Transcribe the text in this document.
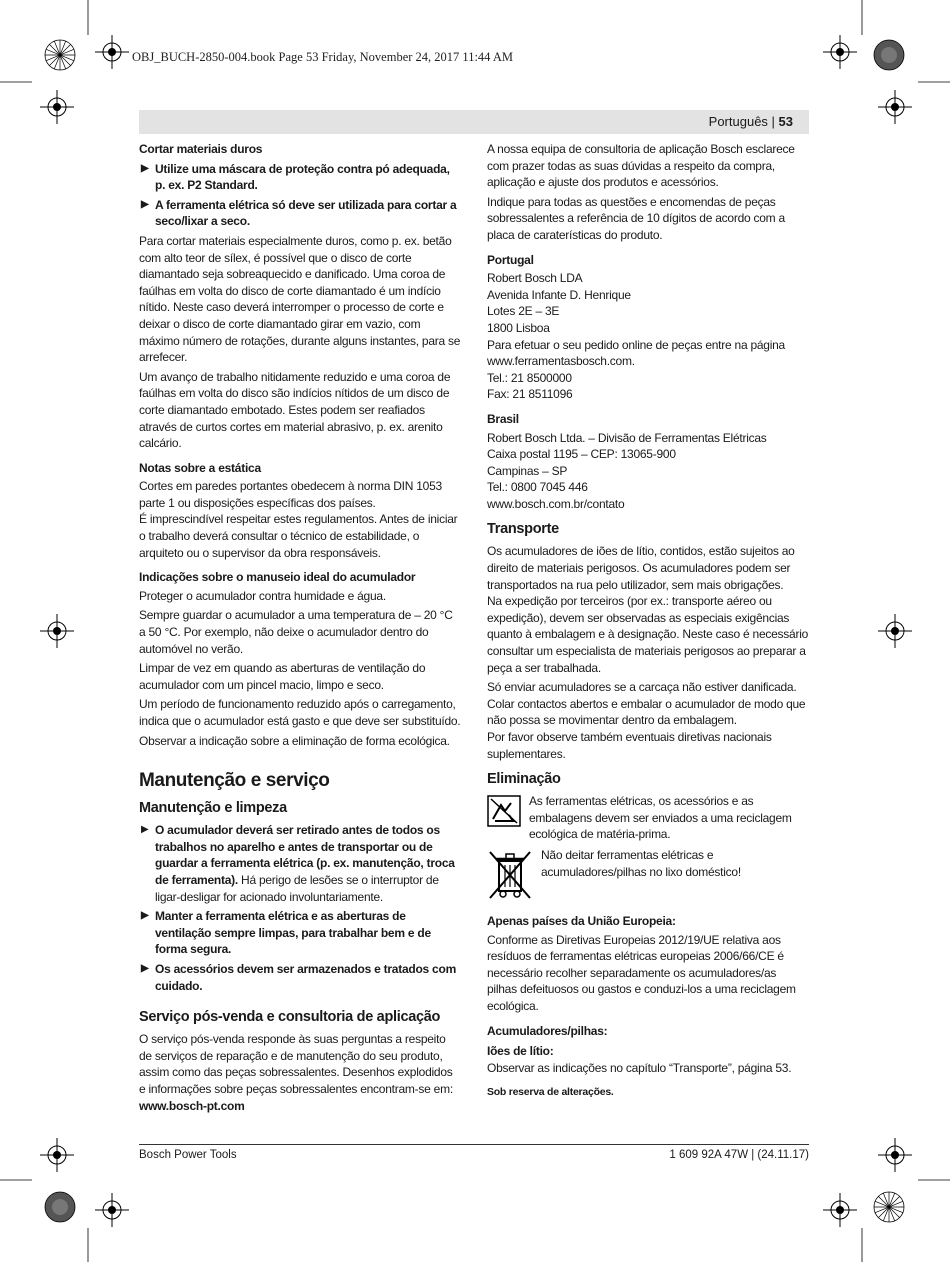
OBJ_BUCH-2850-004.book Page 53 Friday, November 24, 2017 11:44 AM
Português | 53
Cortar materiais duros
▶ Utilize uma máscara de proteção contra pó adequada, p. ex. P2 Standard.
▶ A ferramenta elétrica só deve ser utilizada para cortar a seco/lixar a seco.
Para cortar materiais especialmente duros, como p. ex. betão com alto teor de sílex, é possível que o disco de corte diamantado seja sobreaquecido e danificado. Uma coroa de faúlhas em volta do disco de corte diamantado é um indício nítido. Neste caso deverá interromper o processo de corte e deixar o disco de corte diamantado girar em vazio, com máximo número de rotações, durante alguns instantes, para se arrefecer.
Um avanço de trabalho nitidamente reduzido e uma coroa de faúlhas em volta do disco são indícios nítidos de um disco de corte diamantado embotado. Estes podem ser reafiados através de curtos cortes em material abrasivo, p. ex. arenito calcário.
Notas sobre a estática
Cortes em paredes portantes obedecem à norma DIN 1053 parte 1 ou disposições específicas dos países.
É imprescindível respeitar estes regulamentos. Antes de iniciar o trabalho deverá consultar o técnico de estabilidade, o arquiteto ou o supervisor da obra responsáveis.
Indicações sobre o manuseio ideal do acumulador
Proteger o acumulador contra humidade e água.
Sempre guardar o acumulador a uma temperatura de – 20 °C a 50 °C. Por exemplo, não deixe o acumulador dentro do automóvel no verão.
Limpar de vez em quando as aberturas de ventilação do acumulador com um pincel macio, limpo e seco.
Um período de funcionamento reduzido após o carregamento, indica que o acumulador está gasto e que deve ser substituído.
Observar a indicação sobre a eliminação de forma ecológica.
Manutenção e serviço
Manutenção e limpeza
▶ O acumulador deverá ser retirado antes de todos os trabalhos no aparelho e antes de transportar ou de guardar a ferramenta elétrica (p. ex. manutenção, troca de ferramenta). Há perigo de lesões se o interruptor de ligar-desligar for acionado involuntariamente.
▶ Manter a ferramenta elétrica e as aberturas de ventilação sempre limpas, para trabalhar bem e de forma segura.
▶ Os acessórios devem ser armazenados e tratados com cuidado.
Serviço pós-venda e consultoria de aplicação
O serviço pós-venda responde às suas perguntas a respeito de serviços de reparação e de manutenção do seu produto, assim como das peças sobressalentes. Desenhos explodidos e informações sobre peças sobressalentes encontram-se em:
www.bosch-pt.com
A nossa equipa de consultoria de aplicação Bosch esclarece com prazer todas as suas dúvidas a respeito da compra, aplicação e ajuste dos produtos e acessórios.
Indique para todas as questões e encomendas de peças sobressalentes a referência de 10 dígitos de acordo com a placa de caraterísticas do produto.
Portugal
Robert Bosch LDA
Avenida Infante D. Henrique
Lotes 2E – 3E
1800 Lisboa
Para efetuar o seu pedido online de peças entre na página www.ferramentasbosch.com.
Tel.: 21 8500000
Fax: 21 8511096
Brasil
Robert Bosch Ltda. – Divisão de Ferramentas Elétricas
Caixa postal 1195 – CEP: 13065-900
Campinas – SP
Tel.: 0800 7045 446
www.bosch.com.br/contato
Transporte
Os acumuladores de iões de lítio, contidos, estão sujeitos ao direito de materiais perigosos. Os acumuladores podem ser transportados na rua pelo utilizador, sem mais obrigações.
Na expedição por terceiros (por ex.: transporte aéreo ou expedição), devem ser observadas as especiais exigências quanto à embalagem e à designação. Neste caso é necessário consultar um especialista de materiais perigosos ao preparar a peça a ser trabalhada.
Só enviar acumuladores se a carcaça não estiver danificada. Colar contactos abertos e embalar o acumulador de modo que não possa se movimentar dentro da embalagem.
Por favor observe também eventuais diretivas nacionais suplementares.
Eliminação
As ferramentas elétricas, os acessórios e as embalagens devem ser enviados a uma reciclagem ecológica de matéria-prima.
Não deitar ferramentas elétricas e acumuladores/pilhas no lixo doméstico!
Apenas países da União Europeia:
Conforme as Diretivas Europeias 2012/19/UE relativa aos resíduos de ferramentas elétricas europeias 2006/66/CE é necessário recolher separadamente os acumuladores/as pilhas defeituosos ou gastos e conduzi-los a uma reciclagem ecológica.
Acumuladores/pilhas:
Iões de lítio:
Observar as indicações no capítulo “Transporte”, página 53.
Sob reserva de alterações.
Bosch Power Tools	1 609 92A 47W | (24.11.17)
